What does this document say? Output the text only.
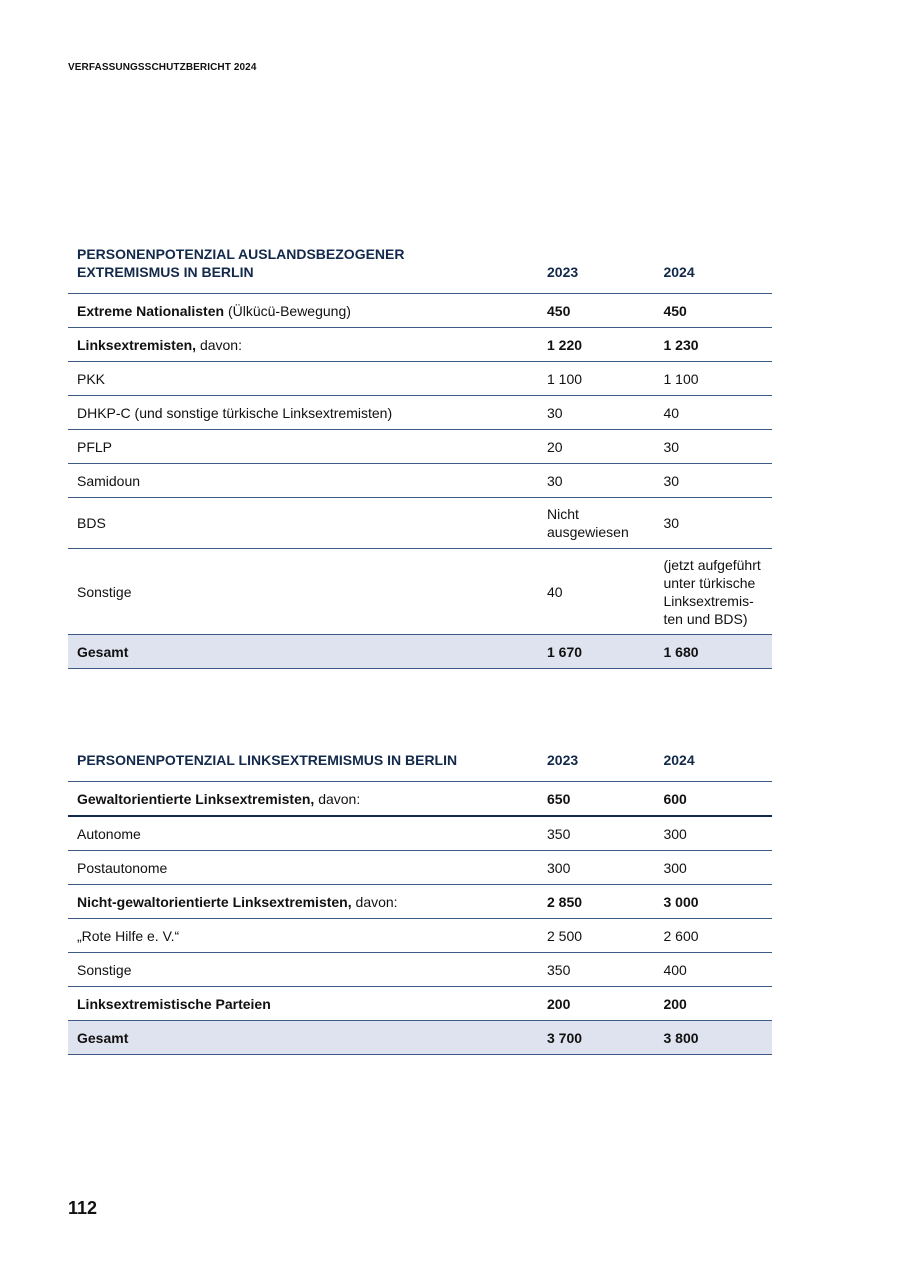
VERFASSUNGSSCHUTZBERICHT 2024
PERSONENPOTENZIAL AUSLANDSBEZOGENER EXTREMISMUS IN BERLIN	2023	2024
Extreme Nationalisten (Ülkücü-Bewegung)	450	450
Linksextremisten, davon:	1 220	1 230
PKK	1 100	1 100
DHKP-C (und sonstige türkische Linksextremisten)	30	40
PFLP	20	30
Samidoun	30	30
BDS	Nicht ausgewiesen	30
Sonstige	40	(jetzt aufgeführt unter türkische Linksextremis- ten und BDS)

Gesamt	1 670	1 680
PERSONENPOTENZIAL LINKSEXTREMISMUS IN BERLIN	2023	2024
Gewaltorientierte Linksextremisten, davon:	650	600
Autonome	350	300
Postautonome	300	300
Nicht-gewaltorientierte Linksextremisten, davon:	2 850	3 000
„Rote Hilfe e. V.“	2 500	2 600
Sonstige	350	400
Linksextremistische Parteien	200	200
Gesamt	3 700	3 800
112
